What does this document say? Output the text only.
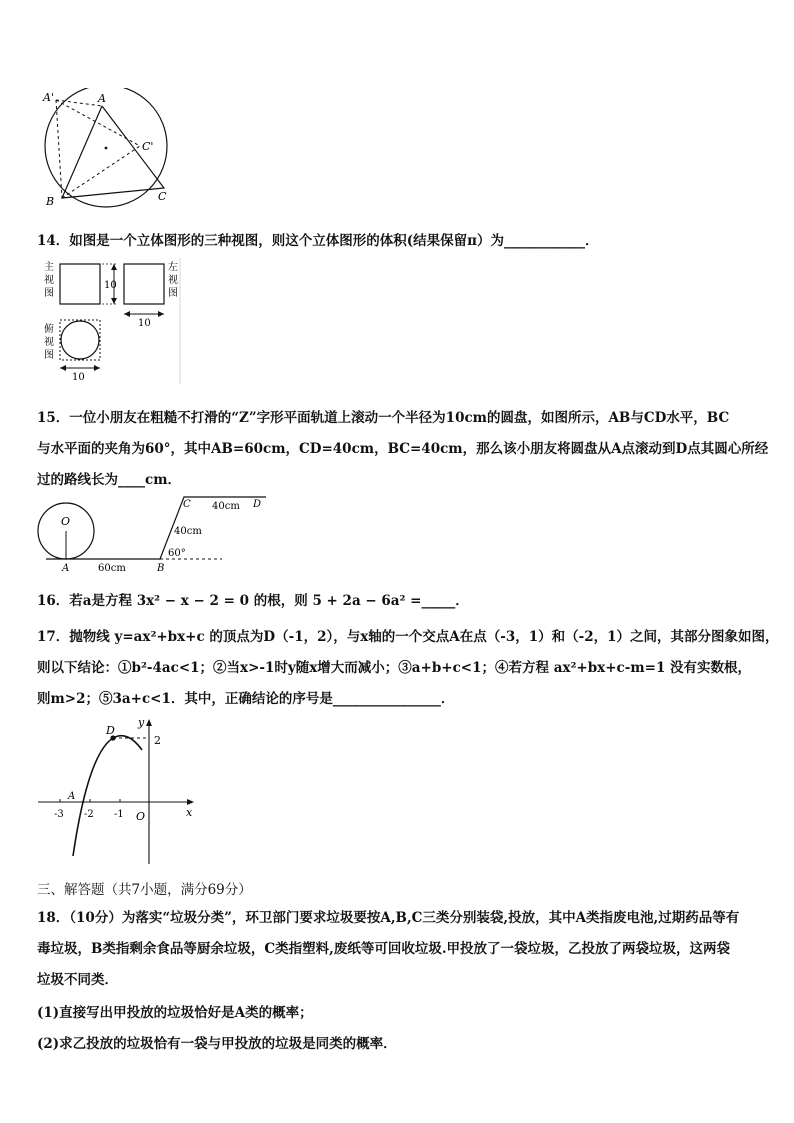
A'	A
C'
B	C
14．如图是一个立体图形的三种视图，则这个立体图形的体积(结果保留π）为____________．
主视图
10
左视图
10
俯视图
10
15．一位小朋友在粗糙不打滑的“Z”字形平面轨道上滚动一个半径为10cm的圆盘，如图所示，AB与CD水平，BC
与水平面的夹角为60°，其中AB=60cm，CD=40cm，BC=40cm，那么该小朋友将圆盘从A点滚动到D点其圆心所经
过的路线长为____cm．
O
A	60cm	B
60°
40cm
C 40cm D
16．若a是方程 3x² − x − 2 = 0 的根，则 5 + 2a − 6a² =_____．
17．抛物线 y=ax²+bx+c 的顶点为D（-1，2），与x轴的一个交点A在点（-3，1）和（-2，1）之间，其部分图象如图，
则以下结论：①b²-4ac<1；②当x>-1时y随x增大而减小；③a+b+c<1；④若方程 ax²+bx+c-m=1 没有实数根，
则m>2；⑤3a+c<1．其中，正确结论的序号是________________．
D
A
y
x
2
-3 -2 -1 O
三、解答题（共7小题，满分69分）
18．（10分）为落实“垃圾分类”，环卫部门要求垃圾要按A,B,C三类分别装袋,投放，其中A类指废电池,过期药品等有
毒垃圾，B类指剩余食品等厨余垃圾，C类指塑料,废纸等可回收垃圾.甲投放了一袋垃圾，乙投放了两袋垃圾，这两袋
垃圾不同类．
(1)直接写出甲投放的垃圾恰好是A类的概率；
(2)求乙投放的垃圾恰有一袋与甲投放的垃圾是同类的概率．
